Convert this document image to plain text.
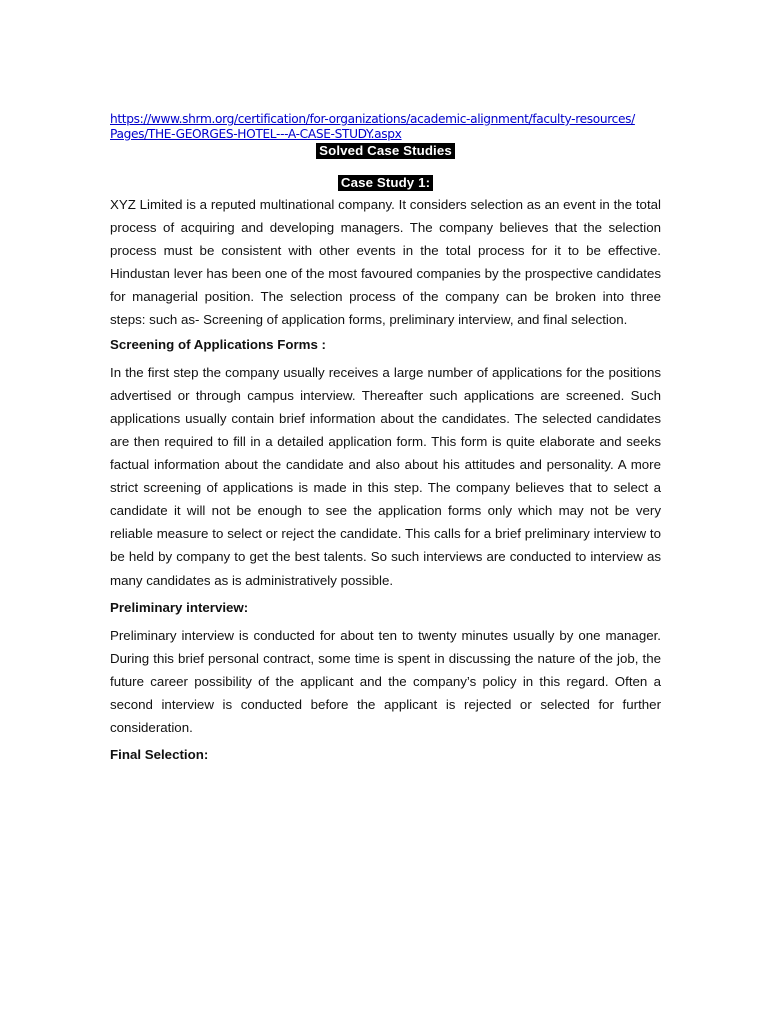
https://www.shrm.org/certification/for-organizations/academic-alignment/faculty-resources/
Pages/THE-GEORGES-HOTEL---A-CASE-STUDY.aspx
Solved Case Studies
Case Study 1:

XYZ Limited is a reputed multinational company. It considers selection as an event in the total process of acquiring and developing managers. The company believes that the selection process must be consistent with other events in the total process for it to be effective. Hindustan lever has been one of the most favoured companies by the prospective candidates for managerial position. The selection process of the company can be broken into three steps: such as- Screening of application forms, preliminary interview, and final selection.

Screening of Applications Forms :

In the first step the company usually receives a large number of applications for the positions advertised or through campus interview. Thereafter such applications are screened. Such applications usually contain brief information about the candidates. The selected candidates are then required to fill in a detailed application form. This form is quite elaborate and seeks factual information about the candidate and also about his attitudes and personality. A more strict screening of applications is made in this step. The company believes that to select a candidate it will not be enough to see the application forms only which may not be very reliable measure to select or reject the candidate. This calls for a brief preliminary interview to be held by company to get the best talents. So such interviews are conducted to interview as many candidates as is administratively possible.

Preliminary interview:

Preliminary interview is conducted for about ten to twenty minutes usually by one manager. During this brief personal contract, some time is spent in discussing the nature of the job, the future career possibility of the applicant and the company’s policy in this regard. Often a second interview is conducted before the applicant is rejected or selected for further consideration.

Final Selection:
